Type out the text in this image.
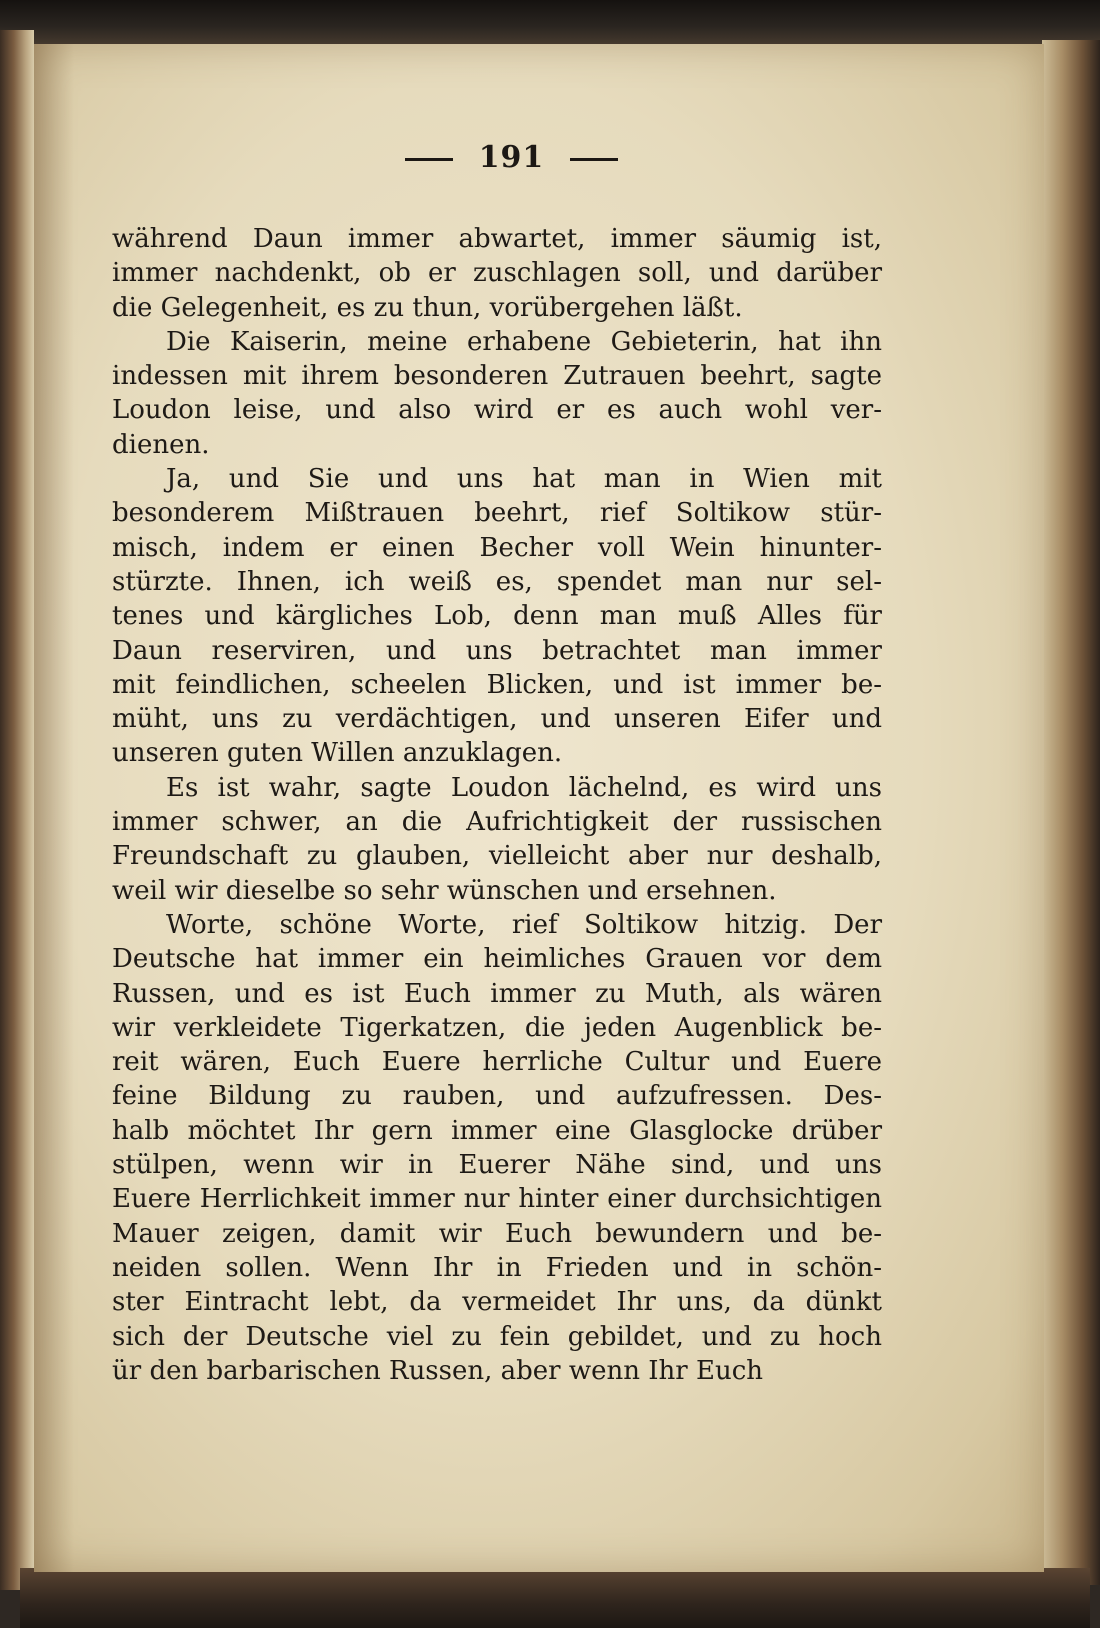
191
während Daun immer abwartet, immer säumig ist,
immer nachdenkt, ob er zuschlagen soll, und darüber
die Gelegenheit, es zu thun, vorübergehen läßt.
Die Kaiserin, meine erhabene Gebieterin, hat ihn
indessen mit ihrem besonderen Zutrauen beehrt, sagte
Loudon leise, und also wird er es auch wohl ver-
dienen.
Ja, und Sie und uns hat man in Wien mit
besonderem Mißtrauen beehrt, rief Soltikow stür-
misch, indem er einen Becher voll Wein hinunter-
stürzte. Ihnen, ich weiß es, spendet man nur sel-
tenes und kärgliches Lob, denn man muß Alles für
Daun reserviren, und uns betrachtet man immer
mit feindlichen, scheelen Blicken, und ist immer be-
müht, uns zu verdächtigen, und unseren Eifer und
unseren guten Willen anzuklagen.
Es ist wahr, sagte Loudon lächelnd, es wird uns
immer schwer, an die Aufrichtigkeit der russischen
Freundschaft zu glauben, vielleicht aber nur deshalb,
weil wir dieselbe so sehr wünschen und ersehnen.
Worte, schöne Worte, rief Soltikow hitzig. Der
Deutsche hat immer ein heimliches Grauen vor dem
Russen, und es ist Euch immer zu Muth, als wären
wir verkleidete Tigerkatzen, die jeden Augenblick be-
reit wären, Euch Euere herrliche Cultur und Euere
feine Bildung zu rauben, und aufzufressen. Des-
halb möchtet Ihr gern immer eine Glasglocke drüber
stülpen, wenn wir in Euerer Nähe sind, und uns
Euere Herrlichkeit immer nur hinter einer durchsichtigen
Mauer zeigen, damit wir Euch bewundern und be-
neiden sollen. Wenn Ihr in Frieden und in schön-
ster Eintracht lebt, da vermeidet Ihr uns, da dünkt
sich der Deutsche viel zu fein gebildet, und zu hoch
ür den barbarischen Russen, aber wenn Ihr Euch
